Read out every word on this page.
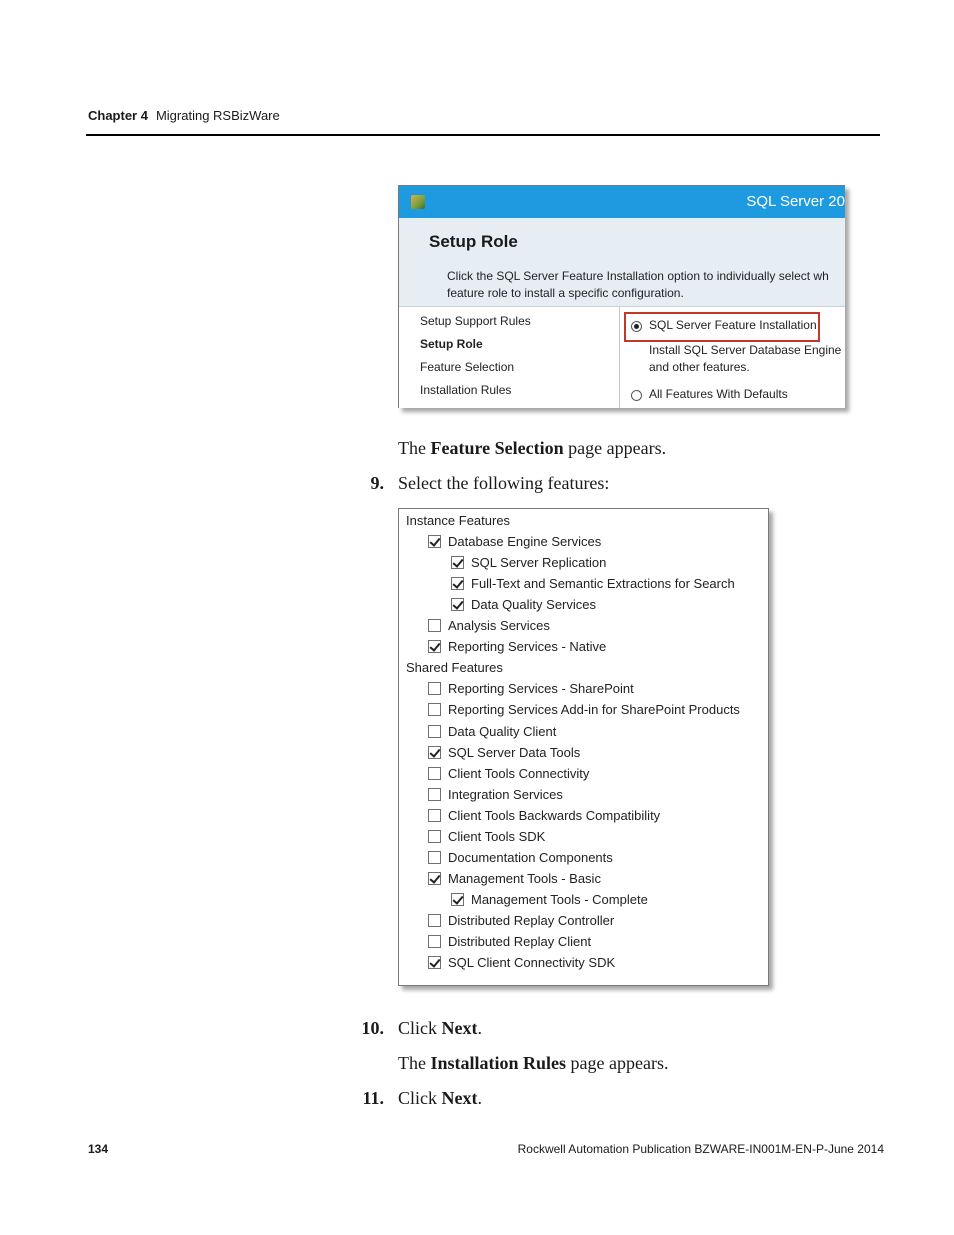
Chapter 4 Migrating RSBizWare
SQL Server 20
Setup Role
Click the SQL Server Feature Installation option to individually select wh
feature role to install a specific configuration.
Setup Support Rules
Setup Role
Feature Selection
Installation Rules
SQL Server Feature Installation
Install SQL Server Database Engine
and other features.
All Features With Defaults
The Feature Selection page appears.
9. Select the following features:
Instance Features
Database Engine Services
SQL Server Replication
Full-Text and Semantic Extractions for Search
Data Quality Services
Analysis Services
Reporting Services - Native
Shared Features
Reporting Services - SharePoint
Reporting Services Add-in for SharePoint Products
Data Quality Client
SQL Server Data Tools
Client Tools Connectivity
Integration Services
Client Tools Backwards Compatibility
Client Tools SDK
Documentation Components
Management Tools - Basic
Management Tools - Complete
Distributed Replay Controller
Distributed Replay Client
SQL Client Connectivity SDK
10. Click Next.
The Installation Rules page appears.
11. Click Next.
134	Rockwell Automation Publication BZWARE-IN001M-EN-P-June 2014
